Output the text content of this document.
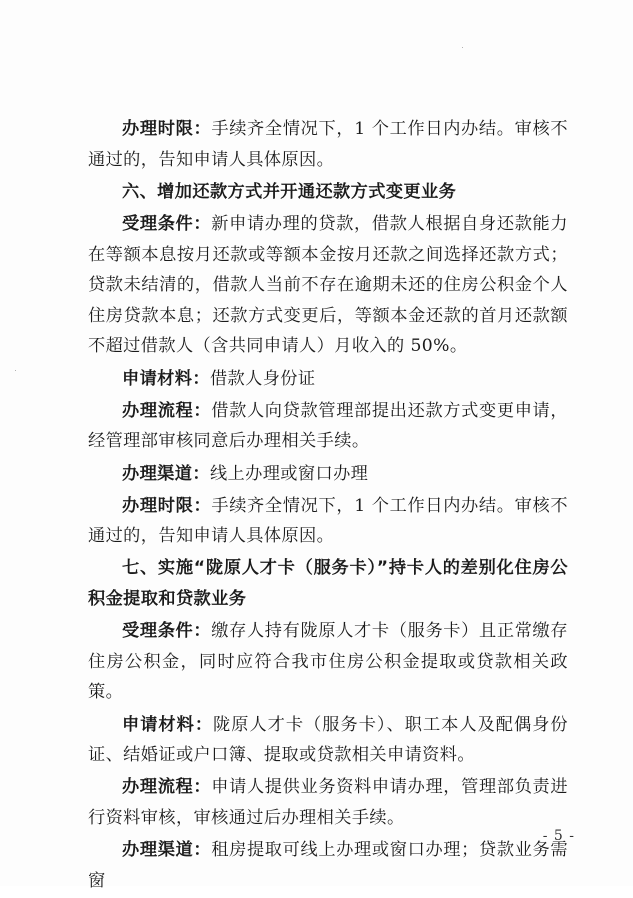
办理时限：手续齐全情况下，1 个工作日内办结。审核不通过的，告知申请人具体原因。

六、增加还款方式并开通还款方式变更业务

受理条件：新申请办理的贷款，借款人根据自身还款能力在等额本息按月还款或等额本金按月还款之间选择还款方式；贷款未结清的，借款人当前不存在逾期未还的住房公积金个人住房贷款本息；还款方式变更后，等额本金还款的首月还款额不超过借款人（含共同申请人）月收入的 50%。

申请材料：借款人身份证

办理流程：借款人向贷款管理部提出还款方式变更申请，经管理部审核同意后办理相关手续。

办理渠道：线上办理或窗口办理

办理时限：手续齐全情况下，1 个工作日内办结。审核不通过的，告知申请人具体原因。

七、实施“陇原人才卡（服务卡）”持卡人的差别化住房公积金提取和贷款业务

受理条件：缴存人持有陇原人才卡（服务卡）且正常缴存住房公积金，同时应符合我市住房公积金提取或贷款相关政策。

申请材料：陇原人才卡（服务卡）、职工本人及配偶身份证、结婚证或户口簿、提取或贷款相关申请资料。

办理流程：申请人提供业务资料申请办理，管理部负责进行资料审核，审核通过后办理相关手续。

办理渠道：租房提取可线上办理或窗口办理；贷款业务需窗

- 5 -
